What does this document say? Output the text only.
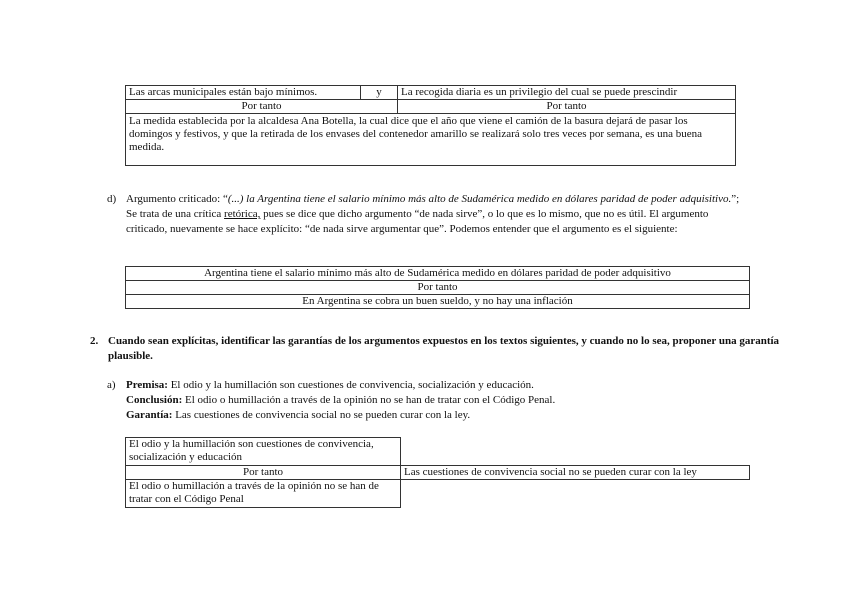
Las arcas municipales están bajo mínimos.	y	La recogida diaria es un privilegio del cual se puede prescindir
Por tanto		Por tanto
La medida establecida por la alcaldesa Ana Botella, la cual dice que el año que viene el camión de la basura dejará de pasar los domingos y festivos, y que la retirada de los envases del contenedor amarillo se realizará solo tres veces por semana, es una buena medida.		
d) Argumento criticado: “(...) la Argentina tiene el salario mínimo más alto de Sudamérica medido en dólares paridad de poder adquisitivo.”; Se trata de una crítica retórica, pues se dice que dicho argumento “de nada sirve”, o lo que es lo mismo, que no es útil. El argumento criticado, nuevamente se hace explícito: “de nada sirve argumentar que”. Podemos entender que el argumento es el siguiente:
Argentina tiene el salario mínimo más alto de Sudamérica medido en dólares paridad de poder adquisitivo
Por tanto
En Argentina se cobra un buen sueldo, y no hay una inflación
2. Cuando sean explícitas, identificar las garantías de los argumentos expuestos en los textos siguientes, y cuando no lo sea, proponer una garantía plausible.
a) Premisa: El odio y la humillación son cuestiones de convivencia, socialización y educación.
Conclusión: El odio o humillación a través de la opinión no se han de tratar con el Código Penal.
Garantía: Las cuestiones de convivencia social no se pueden curar con la ley.
El odio y la humillación son cuestiones de convivencia, socialización y educación	
Por tanto	Las cuestiones de convivencia social no se pueden curar con la ley
El odio o humillación a través de la opinión no se han de tratar con el Código Penal	
